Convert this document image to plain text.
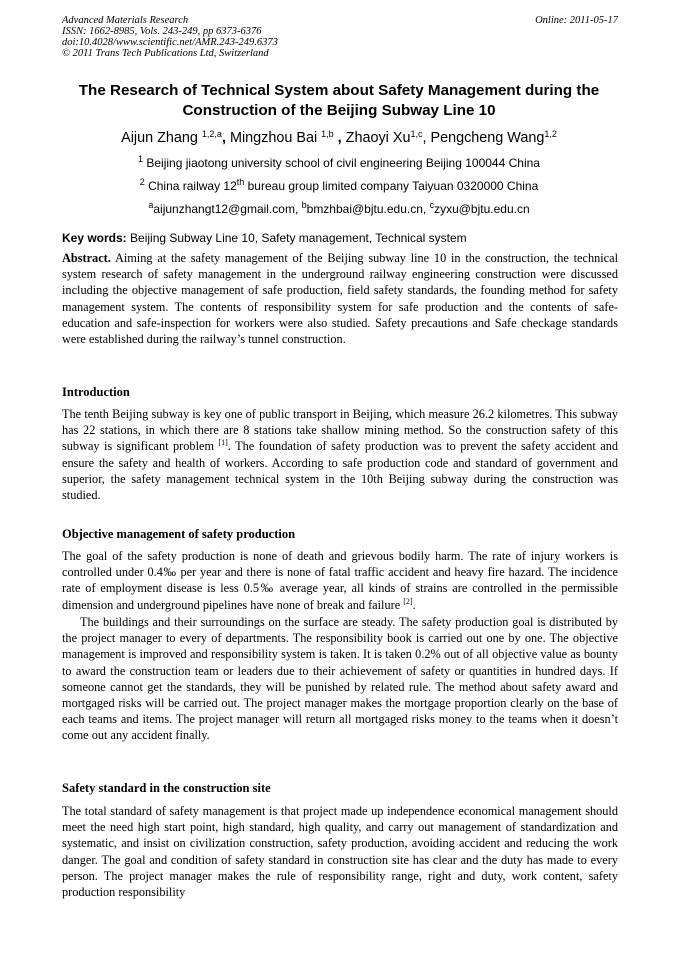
Advanced Materials Research
ISSN: 1662-8985, Vols. 243-249, pp 6373-6376
doi:10.4028/www.scientific.net/AMR.243-249.6373
© 2011 Trans Tech Publications Ltd, Switzerland
Online: 2011-05-17
The Research of Technical System about Safety Management during the
Construction of the Beijing Subway Line 10
Aijun Zhang $^{1,2,a}$, Mingzhou Bai $^{1,b}$ , Zhaoyi Xu$^{1,c}$, Pengcheng Wang$^{1,2}$
$^1$ Beijing jiaotong university school of civil engineering Beijing 100044 China
$^2$ China railway 12th bureau group limited company Taiyuan 0320000 China
$^a$aijunzhangt12@gmail.com, $^b$bmzhbai@bjtu.edu.cn, $^c$zyxu@bjtu.edu.cn
Key words: Beijing Subway Line 10, Safety management, Technical system
Abstract. Aiming at the safety management of the Beijing subway line 10 in the construction, the technical system research of safety management in the underground railway engineering construction were discussed including the objective management of safe production, field safety standards, the founding method for safety management system. The contents of responsibility system for safe production and the contents of safe-education and safe-inspection for workers were also studied. Safety precautions and Safe checkage standards were established during the railway’s tunnel construction.
Introduction
The tenth Beijing subway is key one of public transport in Beijing, which measure 26.2 kilometres. This subway has 22 stations, in which there are 8 stations take shallow mining method. So the construction safety of this subway is significant problem [1]. The foundation of safety production was to prevent the safety accident and ensure the safety and health of workers. According to safe production code and standard of government and superior, the safety management technical system in the 10th Beijing subway during the construction was studied.
Objective management of safety production
The goal of the safety production is none of death and grievous bodily harm. The rate of injury workers is controlled under 0.4‰ per year and there is none of fatal traffic accident and heavy fire hazard. The incidence rate of employment disease is less 0.5‰ average year, all kinds of strains are controlled in the permissible dimension and underground pipelines have none of break and failure [2].
The buildings and their surroundings on the surface are steady. The safety production goal is distributed by the project manager to every of departments. The responsibility book is carried out one by one. The objective management is improved and responsibility system is taken. It is taken 0.2% out of all objective value as bounty to award the construction team or leaders due to their achievement of safety or quantities in hundred days. If someone cannot get the standards, they will be punished by related rule. The method about safety award and mortgaged risks will be carried out. The project manager makes the mortgage proportion clearly on the base of each teams and items. The project manager will return all mortgaged risks money to the teams when it doesn’t come out any accident finally.
Safety standard in the construction site
The total standard of safety management is that project made up independence economical management should meet the need high start point, high standard, high quality, and carry out management of standardization and systematic, and insist on civilization construction, safety production, avoiding accident and reducing the work danger. The goal and condition of safety standard in construction site has clear and the duty has made to every person. The project manager makes the rule of responsibility range, right and duty, work content, safety production responsibility
